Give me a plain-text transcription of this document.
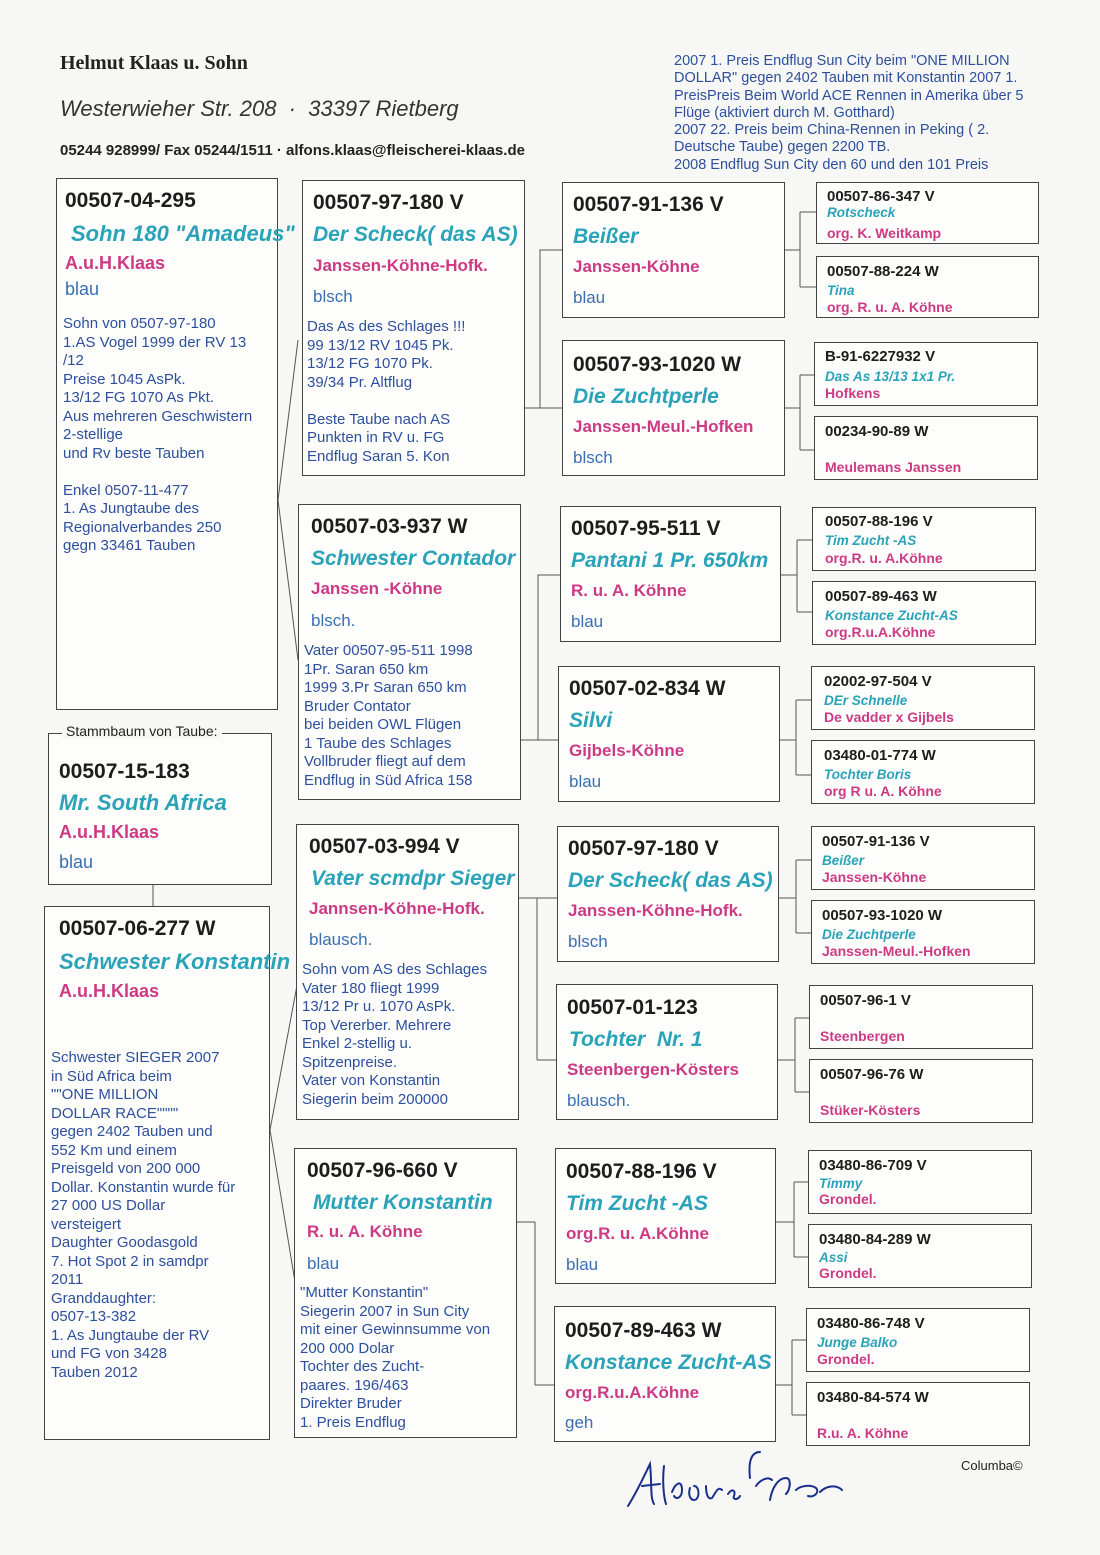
Helmut Klaas u. Sohn
Westerwieher Str. 208  ·  33397 Rietberg
05244 928999/ Fax 05244/1511 · alfons.klaas@fleischerei-klaas.de
2007 1. Preis Endflug Sun City beim "ONE MILLION DOLLAR" gegen 2402 Tauben mit Konstantin 2007 1. PreisPreis Beim World ACE Rennen in Amerika über 5 Flüge (aktiviert durch M. Gotthard)
2007 22. Preis beim China-Rennen in Peking ( 2. Deutsche Taube) gegen 2200 TB.
2008 Endflug Sun City den 60 und den 101 Preis
00507-04-295
Sohn 180 "Amadeus"
A.u.H.Klaas
blau
Sohn von 0507-97-180
1.AS Vogel 1999 der RV 13
/12
Preise 1045 AsPk.
13/12 FG 1070 As Pkt.
Aus mehreren Geschwistern
2-stellige
und Rv beste Tauben

Enkel 0507-11-477
1. As Jungtaube des
Regionalverbandes 250
gegn 33461 Tauben
00507-15-183
Mr. South Africa
A.u.H.Klaas
blau
Stammbaum von Taube:
00507-06-277 W
Schwester Konstantin
A.u.H.Klaas
Schwester SIEGER 2007
in Süd Africa beim
""ONE MILLION
DOLLAR RACE""""
gegen 2402 Tauben und
552 Km und einem
Preisgeld von 200 000
Dollar. Konstantin wurde für
27 000 US Dollar
versteigert
Daughter Goodasgold
7. Hot Spot 2 in samdpr
2011
Granddaughter:
0507-13-382
1. As Jungtaube der RV
und FG von 3428
Tauben 2012
00507-97-180 V
Der Scheck( das AS)
Janssen-Köhne-Hofk.
blsch
Das As des Schlages !!!
99 13/12 RV 1045 Pk.
13/12 FG 1070 Pk.
39/34 Pr. Altflug

Beste Taube nach AS
Punkten in RV u. FG
Endflug Saran 5. Kon
00507-03-937 W
Schwester Contador
Janssen -Köhne
blsch.
Vater 00507-95-511 1998
1Pr. Saran 650 km
1999 3.Pr Saran 650 km
Bruder Contator
bei beiden OWL Flügen
1 Taube des Schlages
Vollbruder fliegt auf dem
Endflug in Süd Africa 158
00507-03-994 V
Vater scmdpr Sieger
Jannsen-Köhne-Hofk.
blausch.
Sohn vom AS des Schlages
Vater 180 fliegt 1999
13/12 Pr u. 1070 AsPk.
Top Vererber. Mehrere
Enkel 2-stellig u.
Spitzenpreise.
Vater von Konstantin
Siegerin beim 200000
00507-96-660 V
Mutter Konstantin
R. u. A. Köhne
blau
"Mutter Konstantin"
Siegerin 2007 in Sun City
mit einer Gewinnsumme von
200 000 Dolar
Tochter des Zucht-
paares. 196/463
Direkter Bruder
1. Preis Endflug
00507-91-136 V
Beißer
Janssen-Köhne
blau
00507-93-1020 W
Die Zuchtperle
Janssen-Meul.-Hofken
blsch
00507-95-511 V
Pantani 1 Pr. 650km
R. u. A. Köhne
blau
00507-02-834 W
Silvi
Gijbels-Köhne
blau
00507-97-180 V
Der Scheck( das AS)
Janssen-Köhne-Hofk.
blsch
00507-01-123
Tochter  Nr. 1
Steenbergen-Kösters
blausch.
00507-88-196 V
Tim Zucht -AS
org.R. u. A.Köhne
blau
00507-89-463 W
Konstance Zucht-AS
org.R.u.A.Köhne
geh
00507-86-347 V
Rotscheck
org. K. Weitkamp
00507-88-224 W
Tina
org. R. u. A. Köhne
B-91-6227932 V
Das As 13/13 1x1 Pr.
Hofkens
00234-90-89 W
Meulemans Janssen
00507-88-196 V
Tim Zucht -AS
org.R. u. A.Köhne
00507-89-463 W
Konstance Zucht-AS
org.R.u.A.Köhne
02002-97-504 V
DEr Schnelle
De vadder x Gijbels
03480-01-774 W
Tochter Boris
org R u. A. Köhne
00507-91-136 V
Beißer
Janssen-Köhne
00507-93-1020 W
Die Zuchtperle
Janssen-Meul.-Hofken
00507-96-1 V
Steenbergen
00507-96-76 W
Stüker-Kösters
03480-86-709 V
Timmy
Grondel.
03480-84-289 W
Assi
Grondel.
03480-86-748 V
Junge Balko
Grondel.
03480-84-574 W
R.u. A. Köhne
Columba©
